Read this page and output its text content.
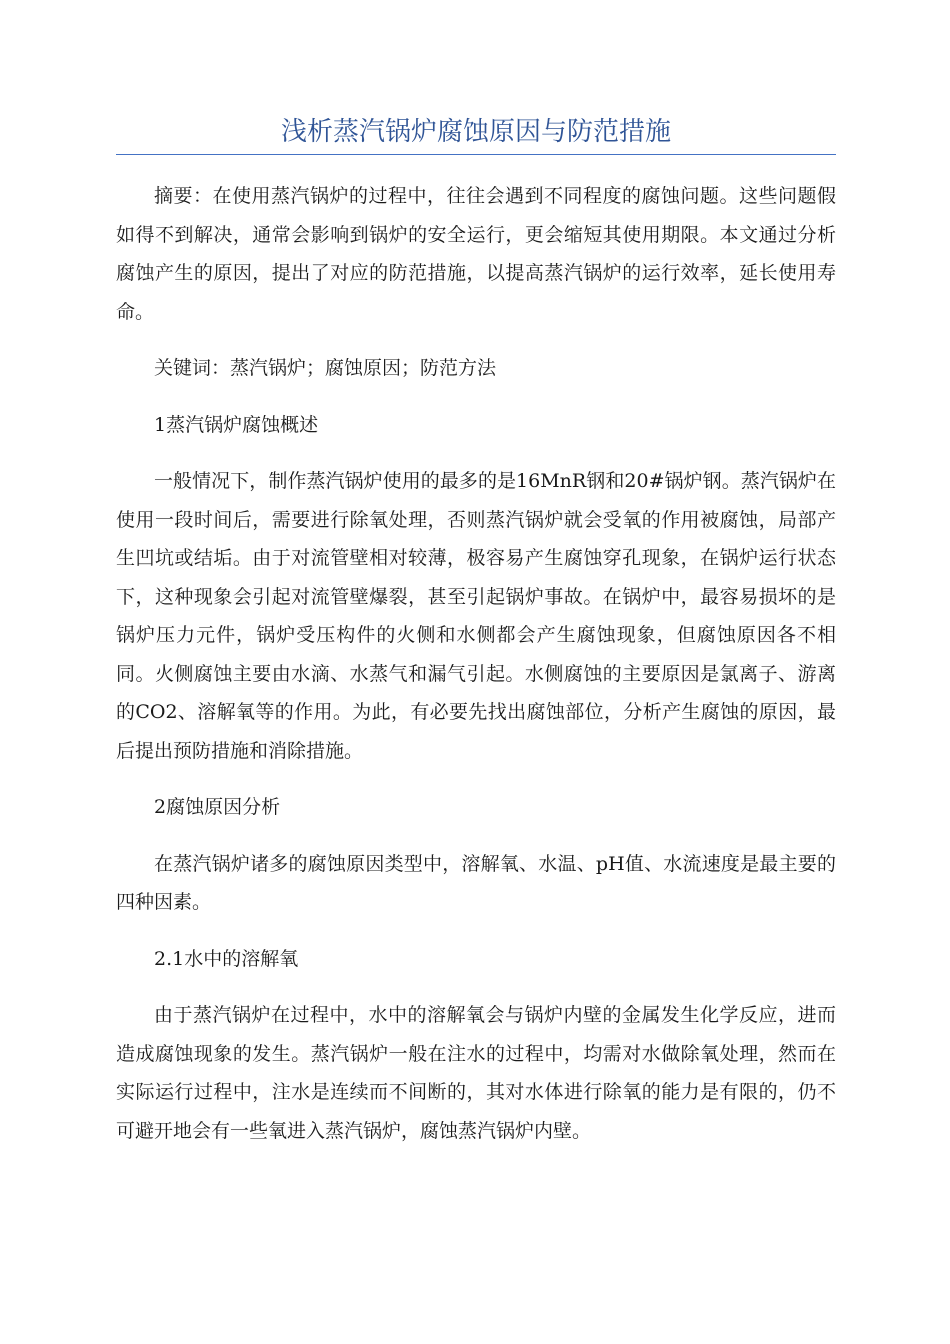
浅析蒸汽锅炉腐蚀原因与防范措施

摘要：在使用蒸汽锅炉的过程中，往往会遇到不同程度的腐蚀问题。这些问题假如得不到解决，通常会影响到锅炉的安全运行，更会缩短其使用期限。本文通过分析腐蚀产生的原因，提出了对应的防范措施，以提高蒸汽锅炉的运行效率，延长使用寿命。

关键词：蒸汽锅炉；腐蚀原因；防范方法

1蒸汽锅炉腐蚀概述

一般情况下，制作蒸汽锅炉使用的最多的是16MnR钢和20#锅炉钢。蒸汽锅炉在使用一段时间后，需要进行除氧处理，否则蒸汽锅炉就会受氧的作用被腐蚀，局部产生凹坑或结垢。由于对流管壁相对较薄，极容易产生腐蚀穿孔现象，在锅炉运行状态下，这种现象会引起对流管壁爆裂，甚至引起锅炉事故。在锅炉中，最容易损坏的是锅炉压力元件，锅炉受压构件的火侧和水侧都会产生腐蚀现象，但腐蚀原因各不相同。火侧腐蚀主要由水滴、水蒸气和漏气引起。水侧腐蚀的主要原因是氯离子、游离的CO2、溶解氧等的作用。为此，有必要先找出腐蚀部位，分析产生腐蚀的原因，最后提出预防措施和消除措施。

2腐蚀原因分析

在蒸汽锅炉诸多的腐蚀原因类型中，溶解氧、水温、pH值、水流速度是最主要的四种因素。

2.1水中的溶解氧

由于蒸汽锅炉在过程中，水中的溶解氧会与锅炉内壁的金属发生化学反应，进而造成腐蚀现象的发生。蒸汽锅炉一般在注水的过程中，均需对水做除氧处理，然而在实际运行过程中，注水是连续而不间断的，其对水体进行除氧的能力是有限的，仍不可避开地会有一些氧进入蒸汽锅炉，腐蚀蒸汽锅炉内壁。
